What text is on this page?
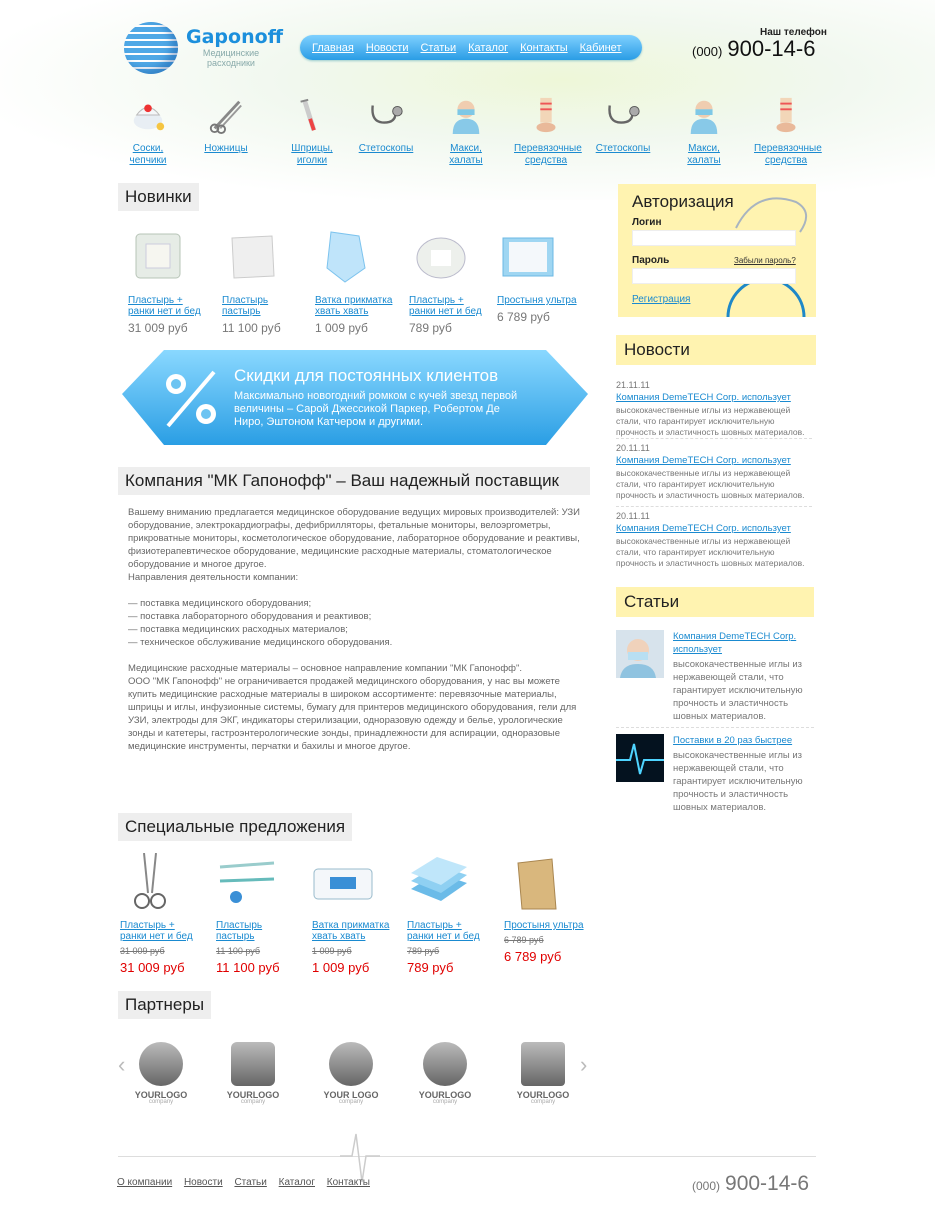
Gaponoff
Медицинские расходники
Главная Новости Статьи Каталог Контакты Кабинет
Наш телефон
(000) 900-14-6
Соски, чепчики
Ножницы	Шприцы, иголки
Стетоскопы	Макси, халаты
Перевязочные средства
Стетоскопы	Макси, халаты
Перевязочные средства
Новинки
Пластырь + ранки нет и бед
31 009 руб
Пластырь пастырь
11 100 руб
Ватка прикматка хвать хвать
1 009 руб
Пластырь + ранки нет и бед
789 руб
Простыня ультра
6 789 руб
Скидки для постоянных клиентов
Максимально новогодний ромком с кучей звезд первой величины – Сарой Джессикой Паркер, Робертом Де Ниро, Эштоном Катчером и другими.
Компания "МК Гапонофф" – Ваш надежный поставщик

Вашему вниманию предлагается медицинское оборудование ведущих мировых производителей: УЗИ оборудование, электрокардиографы, дефибрилляторы, фетальные мониторы, велоэргометры, прикроватные мониторы, косметологическое оборудование, лабораторное оборудование и реактивы, физиотерапевтическое оборудование, медицинские расходные материалы, стоматологическое оборудование и многое другое.

Направления деятельности компании:

— поставка медицинского оборудования;

— поставка лабораторного оборудования и реактивов;

— поставка медицинских расходных материалов;

— техническое обслуживание медицинского оборудования.

Медицинские расходные материалы – основное направление компании "МК Гапонофф".

ООО "МК Гапонофф" не ограничивается продажей медицинского оборудования, у нас вы можете купить медицинские расходные материалы в широком ассортименте: перевязочные материалы, шприцы и иглы, инфузионные системы, бумагу для принтеров медицинского оборудования, гели для УЗИ, электроды для ЭКГ, индикаторы стерилизации, одноразовую одежду и белье, урологические зонды и катетеры, гастроэнтерологические зонды, принадлежности для аспирации, одноразовые медицинские инструменты, перчатки и бахилы и многое другое.

Специальные предложения
Пластырь + ранки нет и бед
31 009 руб
31 009 руб
Пластырь пастырь
11 100 руб
11 100 руб
Ватка прикматка хвать хвать
1 009 руб
1 009 руб
Пластырь + ранки нет и бед
789 руб
789 руб
Простыня ультра
6 789 руб
6 789 руб
Партнеры
‹	›
YOURLOGO
company
YOURLOGO
company
YOUR LOGO
company
YOURLOGO
company
YOURLOGO
company
Авторизация
Логин
Пароль	Забыли пароль?
Регистрация
Новости
21.11.11
Компания DemeTECH Corp. использует
высококачественные иглы из нержавеющей стали, что гарантирует исключительную прочность и эластичность шовных материалов.
20.11.11
Компания DemeTECH Corp. использует
высококачественные иглы из нержавеющей стали, что гарантирует исключительную прочность и эластичность шовных материалов.
20.11.11
Компания DemeTECH Corp. использует
высококачественные иглы из нержавеющей стали, что гарантирует исключительную прочность и эластичность шовных материалов.
Статьи
Компания DemeTECH Corp. использует
высококачественные иглы из нержавеющей стали, что гарантирует исключительную прочность и эластичность шовных материалов.
Поставки в 20 раз быстрее
высококачественные иглы из нержавеющей стали, что гарантирует исключительную прочность и эластичность шовных материалов.
О компании Новости Статьи Каталог Контакты	(000) 900-14-6
